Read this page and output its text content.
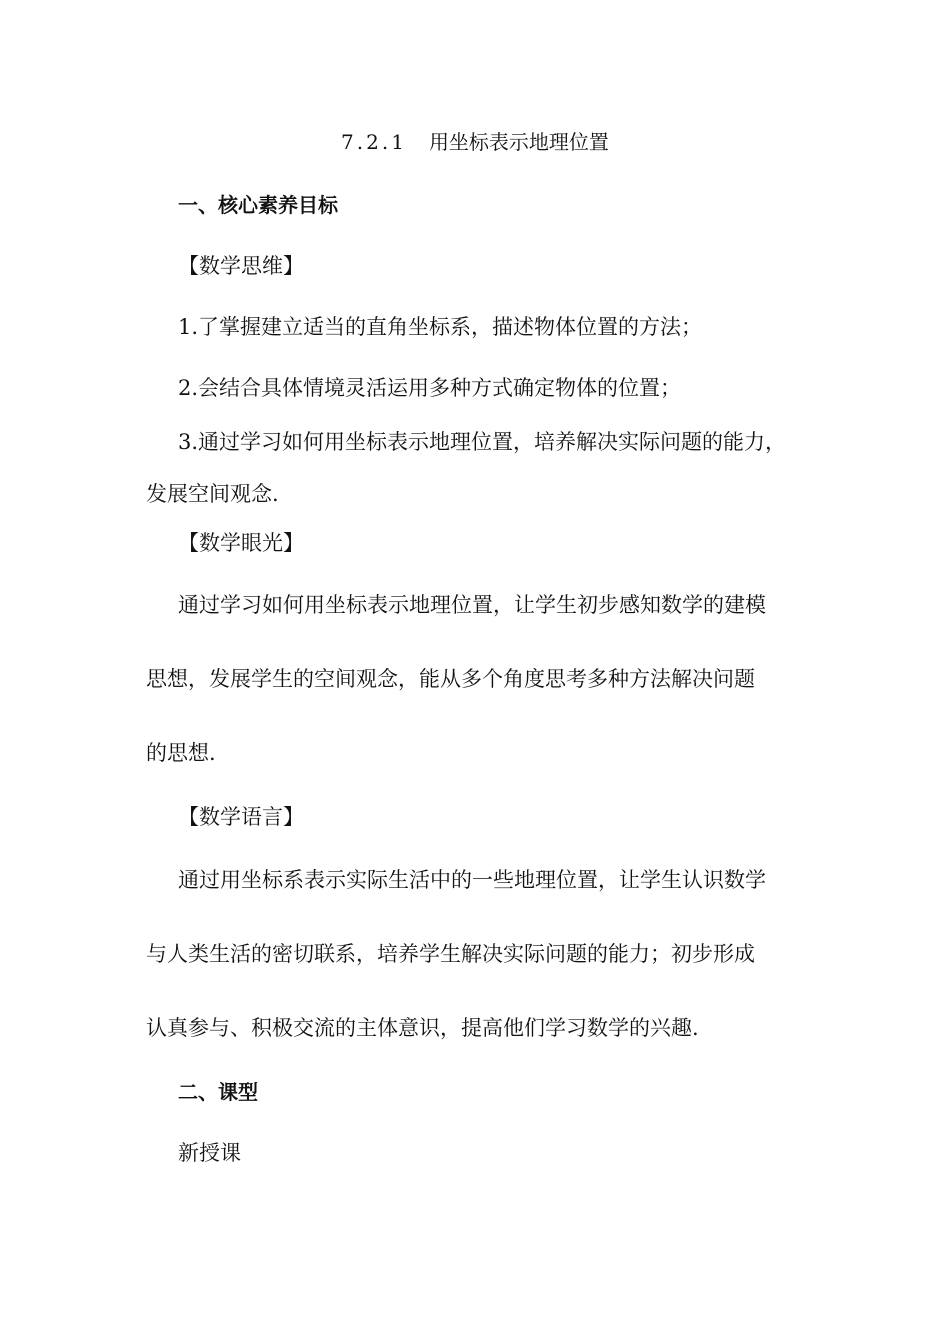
7.2.1 用坐标表示地理位置

一、核心素养目标

【数学思维】

1.了掌握建立适当的直角坐标系，描述物体位置的方法；

2.会结合具体情境灵活运用多种方式确定物体的位置；

3.通过学习如何用坐标表示地理位置，培养解决实际问题的能力，

发展空间观念.

【数学眼光】

通过学习如何用坐标表示地理位置，让学生初步感知数学的建模

思想，发展学生的空间观念，能从多个角度思考多种方法解决问题

的思想.

【数学语言】

通过用坐标系表示实际生活中的一些地理位置，让学生认识数学

与人类生活的密切联系，培养学生解决实际问题的能力；初步形成

认真参与、积极交流的主体意识，提高他们学习数学的兴趣.

二、课型

新授课
